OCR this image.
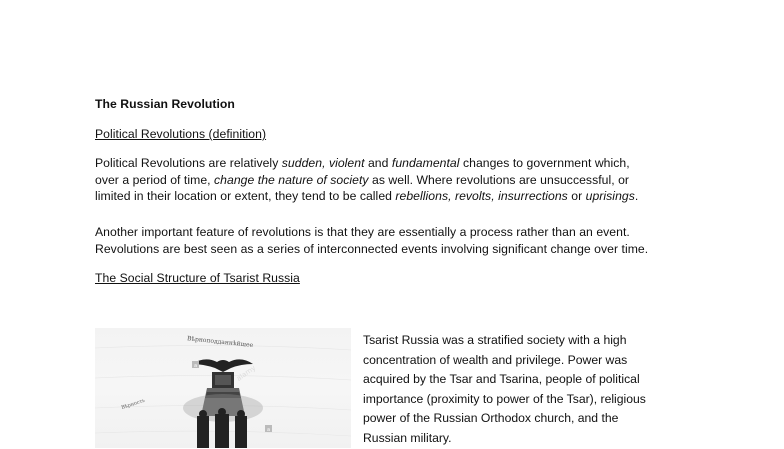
The Russian Revolution
Political Revolutions (definition)
Political Revolutions are relatively sudden, violent and fundamental changes to government which,
over a period of time, change the nature of society as well. Where revolutions are unsuccessful, or
limited in their location or extent, they tend to be called rebellions, revolts, insurrections or uprisings.
Another important feature of revolutions is that they are essentially a process rather than an event.
Revolutions are best seen as a series of interconnected events involving significant change over time.
The Social Structure of Tsarist Russia
Вѣрноподданнѣйшее
Вѣрность
a
a
alamy
Tsarist Russia was a stratified society with a high
concentration of wealth and privilege. Power was
acquired by the Tsar and Tsarina, people of political
importance (proximity to power of the Tsar), religious
power of the Russian Orthodox church, and the
Russian military.
